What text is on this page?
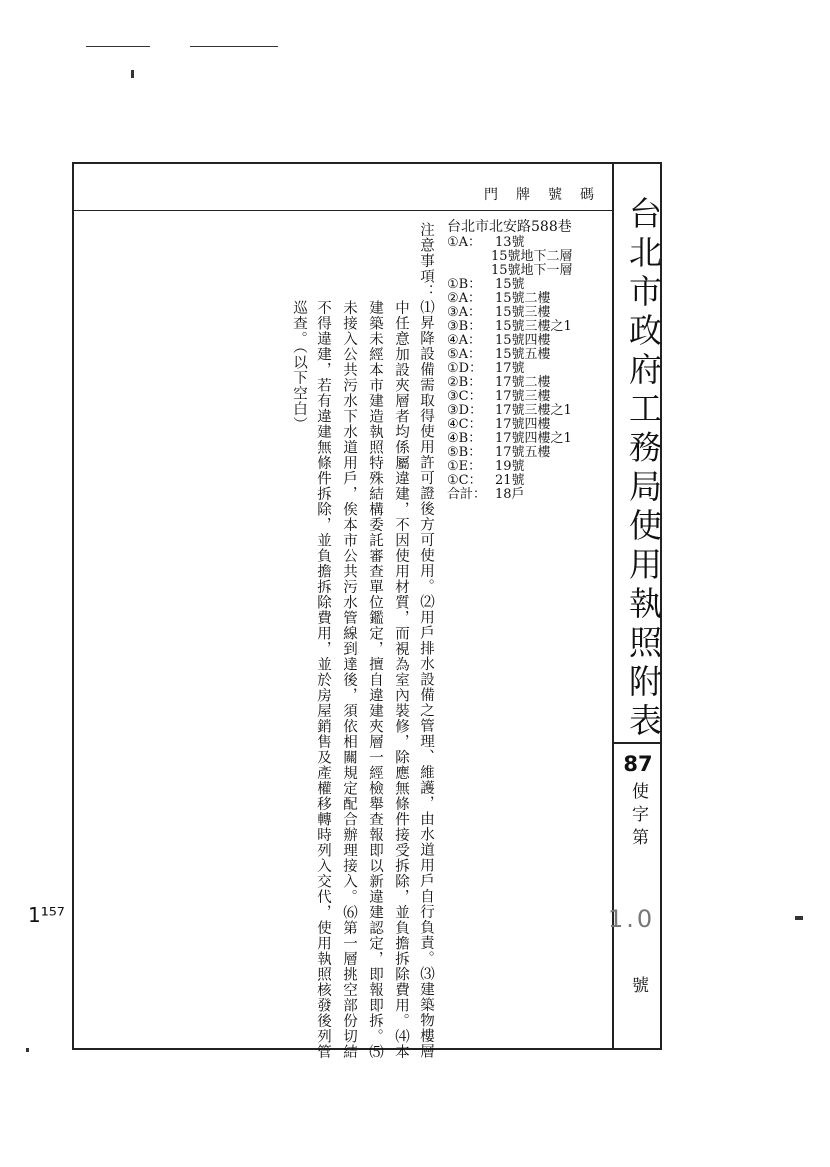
台北市政府工務局使用執照附表
87
使字第
1.0
號
門牌號碼
台北市北安路588巷
①A：	13號
15號地下二層
15號地下一層
①B：	15號
②A：	15號二樓
③A：	15號三樓
③B：	15號三樓之1
④A：	15號四樓
⑤A：	15號五樓
①D： 17號
②B：	17號二樓
③C：	17號三樓
③D： 17號三樓之1
④C：	17號四樓
④B：	17號四樓之1
⑤B：	17號五樓
①E：	19號
①C：	21號
合計： 18戶
注意事項：⑴昇降設備需取得使用許可證後方可使用。⑵用戶排水設備之管理、維護，由水道用戶自行負責。⑶建築物樓層
中任意加設夾層者均係屬違建，不因使用材質，而視為室內裝修，除應無條件接受拆除，並負擔拆除費用。⑷本
建築未經本市建造執照特殊結構委託審查單位鑑定，擅自違建夾層一經檢舉查報即以新違建認定，即報即拆。⑸
未接入公共污水下水道用戶，俟本市公共污水管線到達後，須依相關規定配合辦理接入。⑹第一層挑空部份切結
不得違建，若有違建無條件拆除，並負擔拆除費用，並於房屋銷售及產權移轉時列入交代，使用執照核發後列管
巡查。（以下空白）
1¹⁵⁷
